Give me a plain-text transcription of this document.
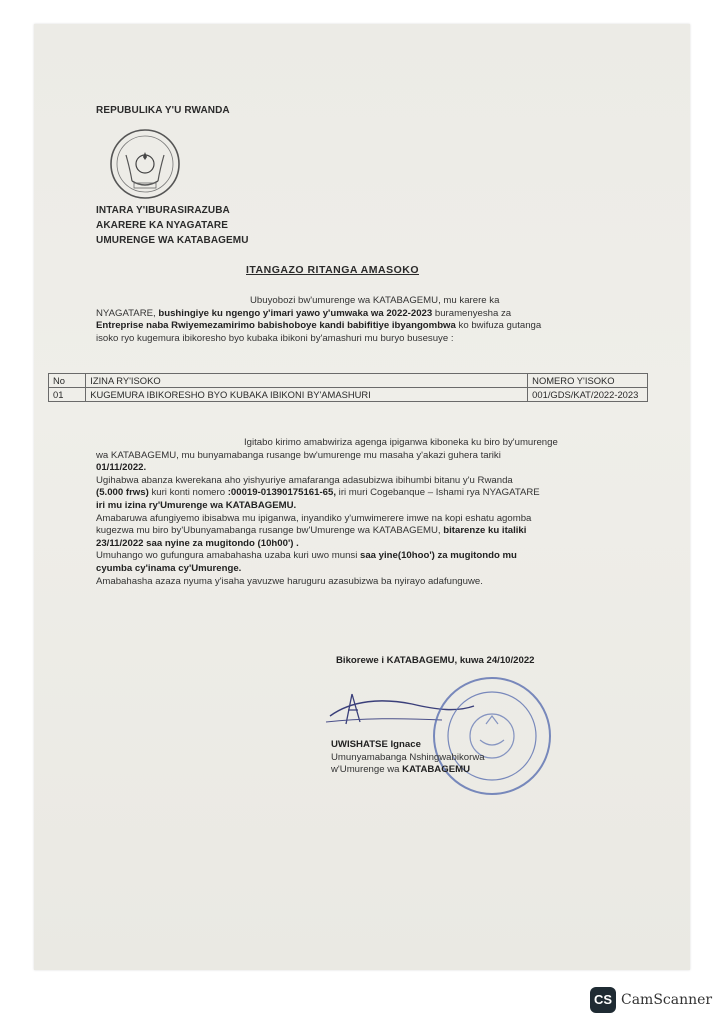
REPUBULIKA Y'U RWANDA
INTARA Y'IBURASIRAZUBA
AKARERE KA NYAGATARE
UMURENGE WA KATABAGEMU
ITANGAZO RITANGA AMASOKO
Ubuyobozi bw'umurenge wa KATABAGEMU, mu karere ka
NYAGATARE, bushingiye ku ngengo y'imari yawo y'umwaka wa 2022-2023 buramenyesha za
Entreprise naba Rwiyemezamirimo babishoboye kandi babifitiye ibyangombwa ko bwifuza gutanga
isoko ryo kugemura ibikoresho byo kubaka ibikoni by'amashuri mu buryo busesuye :
No	IZINA RY'ISOKO	NOMERO Y'ISOKO
01	KUGEMURA IBIKORESHO BYO KUBAKA IBIKONI BY'AMASHURI	001/GDS/KAT/2022-2023
Igitabo kirimo amabwiriza agenga ipiganwa kiboneka ku biro by'umurenge
wa KATABAGEMU, mu bunyamabanga rusange bw'umurenge mu masaha y'akazi guhera tariki
01/11/2022.
Ugihabwa abanza kwerekana aho yishyuriye amafaranga adasubizwa ibihumbi bitanu y'u Rwanda
(5.000 frws) kuri konti nomero :00019-01390175161-65, iri muri Cogebanque – Ishami rya NYAGATARE
iri mu izina ry'Umurenge wa KATABAGEMU.
Amabaruwa afungiyemo ibisabwa mu ipiganwa, inyandiko y'umwimerere imwe na kopi eshatu agomba
kugezwa mu biro by'Ubunyamabanga rusange bw'Umurenge wa KATABAGEMU, bitarenze ku italiki
23/11/2022 saa nyine za mugitondo (10h00') .
Umuhango wo gufungura amabahasha uzaba kuri uwo munsi saa yine(10hoo') za mugitondo mu
cyumba cy'inama cy'Umurenge.
Amabahasha azaza nyuma y'isaha yavuzwe haruguru azasubizwa ba nyirayo adafunguwe.
Bikorewe i KATABAGEMU, kuwa 24/10/2022
UWISHATSE Ignace
Umunyamabanga Nshingwabikorwa
w'Umurenge wa KATABAGEMU
CS CamScanner
